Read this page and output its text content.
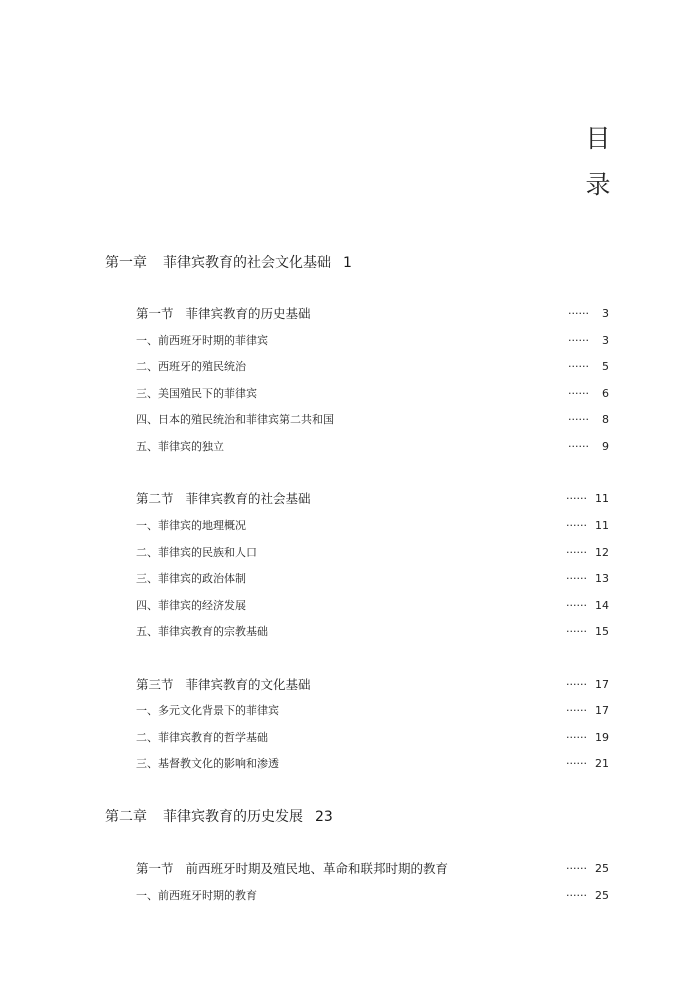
目
录
第一章 菲律宾教育的社会文化基础 1
第一节 菲律宾教育的历史基础	······ 3
一、前西班牙时期的菲律宾	······ 3
二、西班牙的殖民统治	······ 5
三、美国殖民下的菲律宾	······ 6
四、日本的殖民统治和菲律宾第二共和国	······ 8
五、菲律宾的独立	······ 9
第二节 菲律宾教育的社会基础	······ 11
一、菲律宾的地理概况	······ 11
二、菲律宾的民族和人口	······ 12
三、菲律宾的政治体制	······ 13
四、菲律宾的经济发展	······ 14
五、菲律宾教育的宗教基础	······ 15
第三节 菲律宾教育的文化基础	······ 17
一、多元文化背景下的菲律宾	······ 17
二、菲律宾教育的哲学基础	······ 19
三、基督教文化的影响和渗透	······ 21
第二章 菲律宾教育的历史发展 23
第一节 前西班牙时期及殖民地、革命和联邦时期的教育	······ 25
一、前西班牙时期的教育	······ 25
